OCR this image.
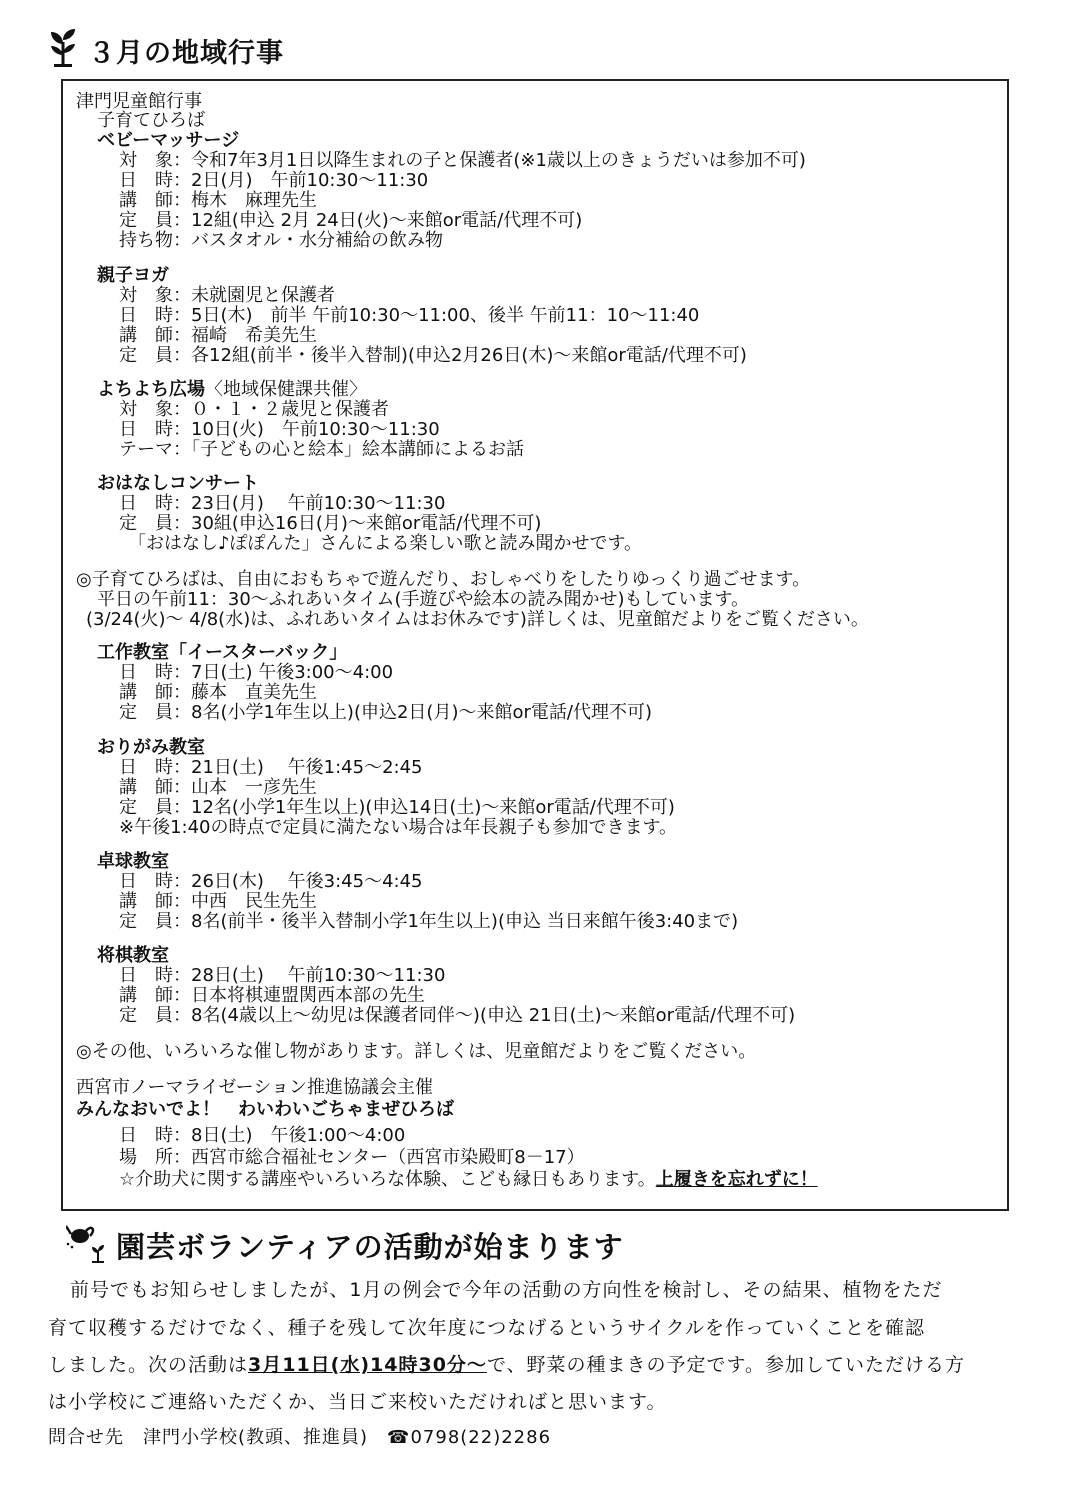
３月の地域行事
津門児童館行事
子育てひろば
ベビーマッサージ
対　象：令和7年3月1日以降生まれの子と保護者(※1歳以上のきょうだいは参加不可)
日　時：2日(月)　午前10:30〜11:30
講　師：梅木　麻理先生
定　員：12組(申込 2月 24日(火)〜来館or電話/代理不可)
持ち物：バスタオル・水分補給の飲み物
親子ヨガ
対　象：未就園児と保護者
日　時：5日(木)　前半 午前10:30〜11:00、後半 午前11：10〜11:40
講　師：福崎　希美先生
定　員：各12組(前半・後半入替制)(申込2月26日(木)〜来館or電話/代理不可)
よちよち広場〈地域保健課共催〉
対　象：０・１・２歳児と保護者
日　時：10日(火)　午前10:30〜11:30
テーマ：「子どもの心と絵本」絵本講師によるお話
おはなしコンサート
日　時：23日(月)　 午前10:30〜11:30
定　員：30組(申込16日(月)〜来館or電話/代理不可)
「おはなし♪ぽぽんた」さんによる楽しい歌と読み聞かせです。
◎子育てひろばは、自由におもちゃで遊んだり、おしゃべりをしたりゆっくり過ごせます。
平日の午前11：30〜ふれあいタイム(手遊びや絵本の読み聞かせ)もしています。
(3/24(火)〜 4/8(水)は、ふれあいタイムはお休みです)詳しくは、児童館だよりをご覧ください。
工作教室「イースターバック」
日　時：7日(土) 午後3:00〜4:00
講　師：藤本　直美先生
定　員：8名(小学1年生以上)(申込2日(月)〜来館or電話/代理不可)
おりがみ教室
日　時：21日(土)　 午後1:45〜2:45
講　師：山本　一彦先生
定　員：12名(小学1年生以上)(申込14日(土)〜来館or電話/代理不可)
※午後1:40の時点で定員に満たない場合は年長親子も参加できます。
卓球教室
日　時：26日(木)　 午後3:45〜4:45
講　師：中西　民生先生
定　員：8名(前半・後半入替制小学1年生以上)(申込 当日来館午後3:40まで)
将棋教室
日　時：28日(土)　 午前10:30〜11:30
講　師：日本将棋連盟関西本部の先生
定　員：8名(4歳以上〜幼児は保護者同伴〜)(申込 21日(土)〜来館or電話/代理不可)
◎その他、いろいろな催し物があります。詳しくは、児童館だよりをご覧ください。
西宮市ノーマライゼーション推進協議会主催
みんなおいでよ！　わいわいごちゃまぜひろば
日　時：8日(土)　午後1:00〜4:00
場　所：西宮市総合福祉センター（西宮市染殿町8－17）
☆介助犬に関する講座やいろいろな体験、こども縁日もあります。上履きを忘れずに！
園芸ボランティアの活動が始まります
前号でもお知らせしましたが、1月の例会で今年の活動の方向性を検討し、その結果、植物をただ
育て収穫するだけでなく、種子を残して次年度につなげるというサイクルを作っていくことを確認
しました。次の活動は3月11日(水)14時30分〜で、野菜の種まきの予定です。参加していただける方
は小学校にご連絡いただくか、当日ご来校いただければと思います。
問合せ先　津門小学校(教頭、推進員)　☎0798(22)2286
